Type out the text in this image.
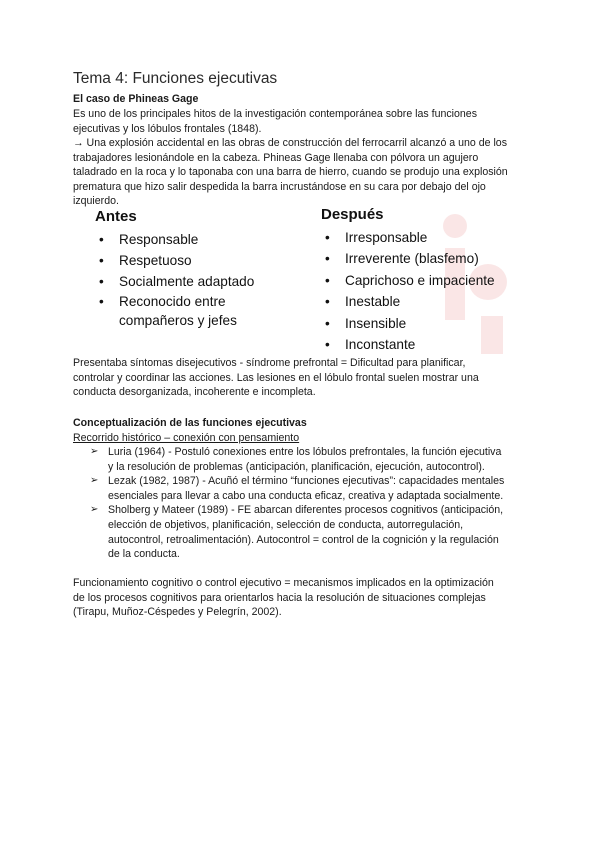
Tema 4: Funciones ejecutivas
El caso de Phineas Gage

Es uno de los principales hitos de la investigación contemporánea sobre las funciones

ejecutivas y los lóbulos frontales (1848).

→ Una explosión accidental en las obras de construcción del ferrocarril alcanzó a uno de los

trabajadores lesionándole en la cabeza. Phineas Gage llenaba con pólvora un agujero

taladrado en la roca y lo taponaba con una barra de hierro, cuando se produjo una explosión

prematura que hizo salir despedida la barra incrustándose en su cara por debajo del ojo

izquierdo.

Antes

• Responsable
• Respetuoso
• Socialmente adaptado
• Reconocido entre
compañeros y jefes

Después

• Irresponsable
• Irreverente (blasfemo)
• Caprichoso e impaciente
• Inestable
• Insensible
• Inconstante

Presentaba síntomas disejecutivos - síndrome prefrontal = Dificultad para planificar,

controlar y coordinar las acciones. Las lesiones en el lóbulo frontal suelen mostrar una

conducta desorganizada, incoherente e incompleta.

Conceptualización de las funciones ejecutivas
Recorrido histórico – conexión con pensamiento
➢ Luria (1964) - Postuló conexiones entre los lóbulos prefrontales, la función ejecutiva
y la resolución de problemas (anticipación, planificación, ejecución, autocontrol).
➢ Lezak (1982, 1987) - Acuñó el término “funciones ejecutivas”: capacidades mentales
esenciales para llevar a cabo una conducta eficaz, creativa y adaptada socialmente.
➢ Sholberg y Mateer (1989) - FE abarcan diferentes procesos cognitivos (anticipación,
elección de objetivos, planificación, selección de conducta, autorregulación,
autocontrol, retroalimentación). Autocontrol = control de la cognición y la regulación
de la conducta.

Funcionamiento cognitivo o control ejecutivo = mecanismos implicados en la optimización

de los procesos cognitivos para orientarlos hacia la resolución de situaciones complejas

(Tirapu, Muñoz-Céspedes y Pelegrín, 2002).
